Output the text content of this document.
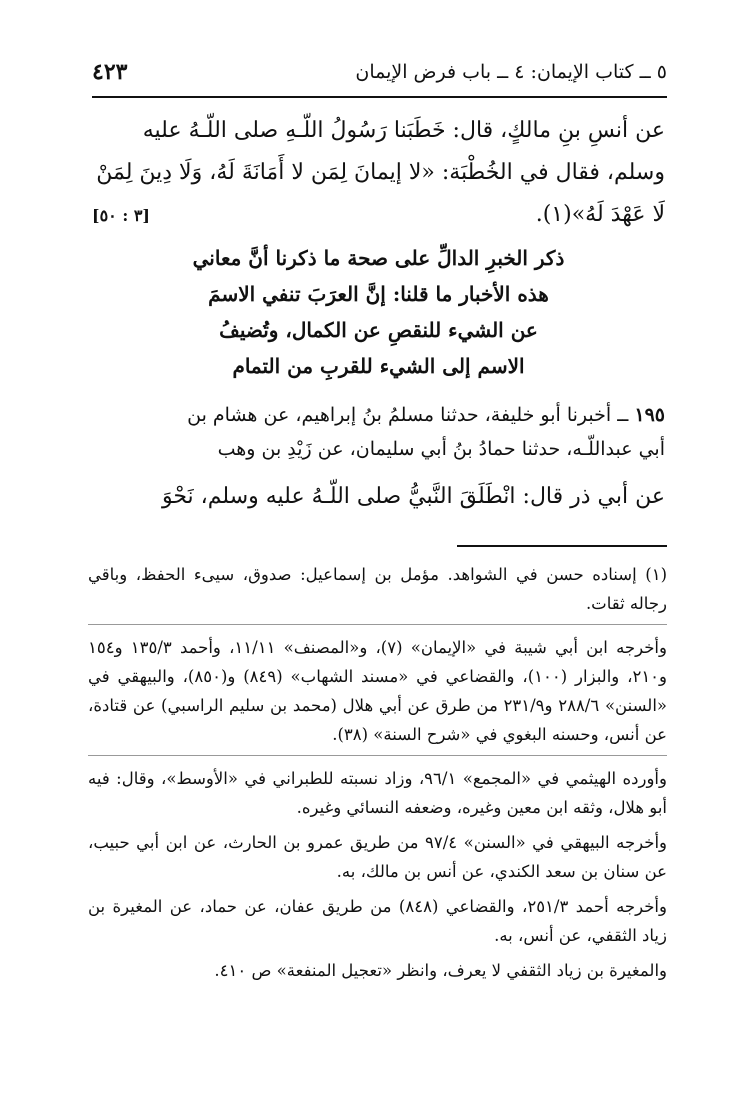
٥ ــ كتاب الإيمان: ٤ ــ باب فرض الإيمان
٤٢٣

عن أنسِ بنِ مالكٍ، قال: خَطَبَنا رَسُولُ اللّـهِ صلى اللّـهُ عليه

وسلم، فقال في الخُطْبَة: «لا إيمانَ لِمَن لا أَمَانَةَ لَهُ، وَلَا دِينَ لِمَنْ

لَا عَهْدَ لَهُ»(١).

[٣ : ٥٠]
ذكر الخبرِ الدالِّ على صحة ما ذكرنا أنَّ معاني
هذه الأخبار ما قلنا: إنَّ العرَبَ تنفي الاسمَ
عن الشيء للنقصِ عن الكمال، وتُضيفُ
الاسم إلى الشيء للقربِ من التمام
١٩٥ ــ أخبرنا أبو خليفة، حدثنا مسلمُ بنُ إبراهيم، عن هشام بن
أبي عبداللّـه، حدثنا حمادُ بنُ أبي سليمان، عن زَيْدِ بن وهب

عن أبي ذر قال: انْطَلَقَ النَّبيُّ صلى اللّـهُ عليه وسلم، نَحْوَ

(١) إسناده حسن في الشواهد. مؤمل بن إسماعيل: صدوق، سيىء الحفظ، وباقي رجاله ثقات.

وأخرجه ابن أبي شيبة في «الإيمان» (٧)، و«المصنف» ١١/١١، وأحمد ١٣٥/٣ و١٥٤ و٢١٠، والبزار (١٠٠)، والقضاعي في «مسند الشهاب» (٨٤٩) و(٨٥٠)، والبيهقي في «السنن» ٢٨٨/٦ و٢٣١/٩ من طرق عن أبي هلال (محمد بن سليم الراسبي) عن قتادة، عن أنس، وحسنه البغوي في «شرح السنة» (٣٨).

وأورده الهيثمي في «المجمع» ٩٦/١، وزاد نسبته للطبراني في «الأوسط»، وقال: فيه أبو هلال، وثقه ابن معين وغيره، وضعفه النسائي وغيره.

وأخرجه البيهقي في «السنن» ٩٧/٤ من طريق عمرو بن الحارث، عن ابن أبي حبيب، عن سنان بن سعد الكندي، عن أنس بن مالك، به.

وأخرجه أحمد ٢٥١/٣، والقضاعي (٨٤٨) من طريق عفان، عن حماد، عن المغيرة بن زياد الثقفي، عن أنس، به.

والمغيرة بن زياد الثقفي لا يعرف، وانظر «تعجيل المنفعة» ص ٤١٠.
